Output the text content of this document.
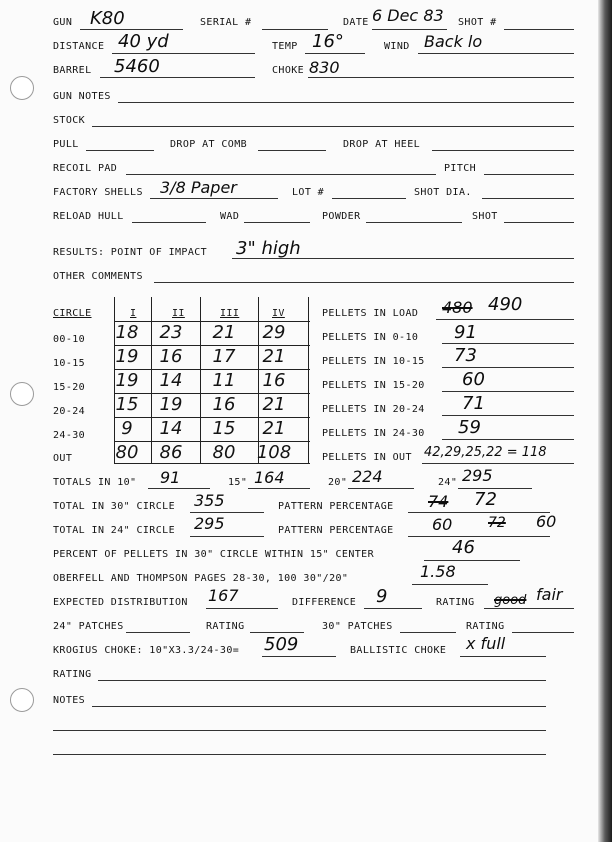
GUN K80	SERIAL #	DATE 6 Dec 83 SHOT #
DISTANCE 40 yd	TEMP 16°	WIND Back lo
BARREL 5460	CHOKE 830
GUN NOTES
STOCK
PULL	DROP AT COMB	DROP AT HEEL
RECOIL PAD	PITCH
FACTORY SHELLS 3/8 Paper	LOT #	SHOT DIA.
RELOAD HULL	WAD	POWDER	SHOT
RESULTS: POINT OF IMPACT 3" high
OTHER COMMENTS
CIRCLE	I	II	III	IV
00-10	18	23	21	29
10-15	19	16	17	21
15-20	19	14	11	16
20-24	15	19	16	21
24-30	9	14	15	21
OUT	80	86	80	108
PELLETS IN LOAD 480 490
PELLETS IN 0-10 91
PELLETS IN 10-15 73
PELLETS IN 15-20 60
PELLETS IN 20-24 71
PELLETS IN 24-30 59
PELLETS IN OUT 42,29,25,22 = 118
TOTALS IN 10" 91	15" 164	20" 224	24" 295
TOTAL IN 30" CIRCLE 355	PATTERN PERCENTAGE 74 72
TOTAL IN 24" CIRCLE 295	PATTERN PERCENTAGE 60	72 60
PERCENT OF PELLETS IN 30" CIRCLE WITHIN 15" CENTER	46
OBERFELL AND THOMPSON PAGES 28-30, 100 30"/20"	1.58
EXPECTED DISTRIBUTION 167	DIFFERENCE 9	RATING good fair
24" PATCHES	RATING	30" PATCHES	RATING
KROGIUS CHOKE: 10"X3.3/24-30= 509	BALLISTIC CHOKE x full
RATING
NOTES
